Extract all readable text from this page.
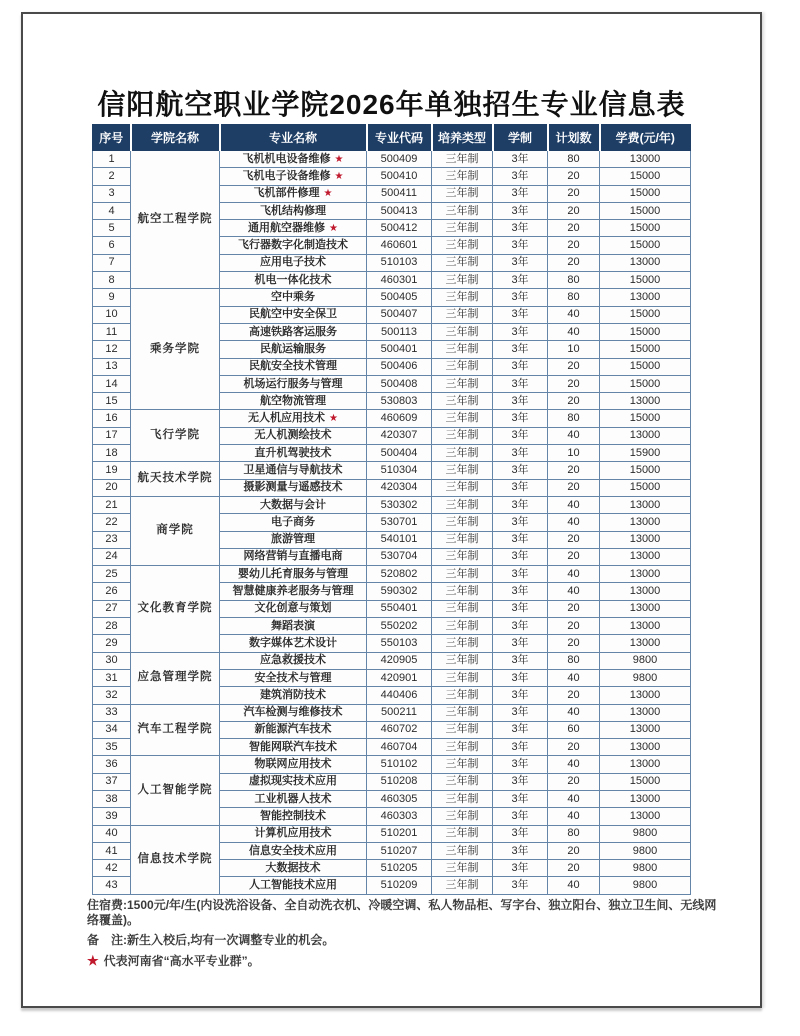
信阳航空职业学院2026年单独招生专业信息表
序号	学院名称	专业名称	专业代码	培养类型	学制	计划数	学费(元/年)
1	航空工程学院	飞机机电设备维修 ★	500409	三年制	3年	80	13000
2		飞机电子设备维修 ★	500410	三年制	3年	20	15000
3		飞机部件修理 ★	500411	三年制	3年	20	15000
4		飞机结构修理	500413	三年制	3年	20	15000
5		通用航空器维修 ★	500412	三年制	3年	20	15000
6		飞行器数字化制造技术	460601	三年制	3年	20	15000
7		应用电子技术	510103	三年制	3年	20	13000
8		机电一体化技术	460301	三年制	3年	80	15000
9	乘务学院	空中乘务	500405	三年制	3年	80	13000
10		民航空中安全保卫	500407	三年制	3年	40	15000
11		高速铁路客运服务	500113	三年制	3年	40	15000
12		民航运输服务	500401	三年制	3年	10	15000
13		民航安全技术管理	500406	三年制	3年	20	15000
14		机场运行服务与管理	500408	三年制	3年	20	15000
15		航空物流管理	530803	三年制	3年	20	13000
16	飞行学院	无人机应用技术 ★	460609	三年制	3年	80	15000
17		无人机测绘技术	420307	三年制	3年	40	13000
18		直升机驾驶技术	500404	三年制	3年	10	15900
19	航天技术学院	卫星通信与导航技术	510304	三年制	3年	20	15000
20		摄影测量与遥感技术	420304	三年制	3年	20	15000
21	商学院	大数据与会计	530302	三年制	3年	40	13000
22		电子商务	530701	三年制	3年	40	13000
23		旅游管理	540101	三年制	3年	20	13000
24		网络营销与直播电商	530704	三年制	3年	20	13000
25	文化教育学院	婴幼儿托育服务与管理	520802	三年制	3年	40	13000
26		智慧健康养老服务与管理	590302	三年制	3年	40	13000
27		文化创意与策划	550401	三年制	3年	20	13000
28		舞蹈表演	550202	三年制	3年	20	13000
29		数字媒体艺术设计	550103	三年制	3年	20	13000
30	应急管理学院	应急救援技术	420905	三年制	3年	80	9800
31		安全技术与管理	420901	三年制	3年	40	9800
32		建筑消防技术	440406	三年制	3年	20	13000
33	汽车工程学院	汽车检测与维修技术	500211	三年制	3年	40	13000
34		新能源汽车技术	460702	三年制	3年	60	13000
35		智能网联汽车技术	460704	三年制	3年	20	13000
36	人工智能学院	物联网应用技术	510102	三年制	3年	40	13000
37		虚拟现实技术应用	510208	三年制	3年	20	15000
38		工业机器人技术	460305	三年制	3年	40	13000
39		智能控制技术	460303	三年制	3年	40	13000
40	信息技术学院	计算机应用技术	510201	三年制	3年	80	9800
41		信息安全技术应用	510207	三年制	3年	20	9800
42		大数据技术	510205	三年制	3年	20	9800
43		人工智能技术应用	510209	三年制	3年	40	9800

住宿费:1500元/年/生(内设洗浴设备、全自动洗衣机、冷暖空调、私人物品柜、写字台、独立阳台、独立卫生间、无线网络覆盖)。

备　注:新生入校后,均有一次调整专业的机会。

★ 代表河南省“高水平专业群”。
